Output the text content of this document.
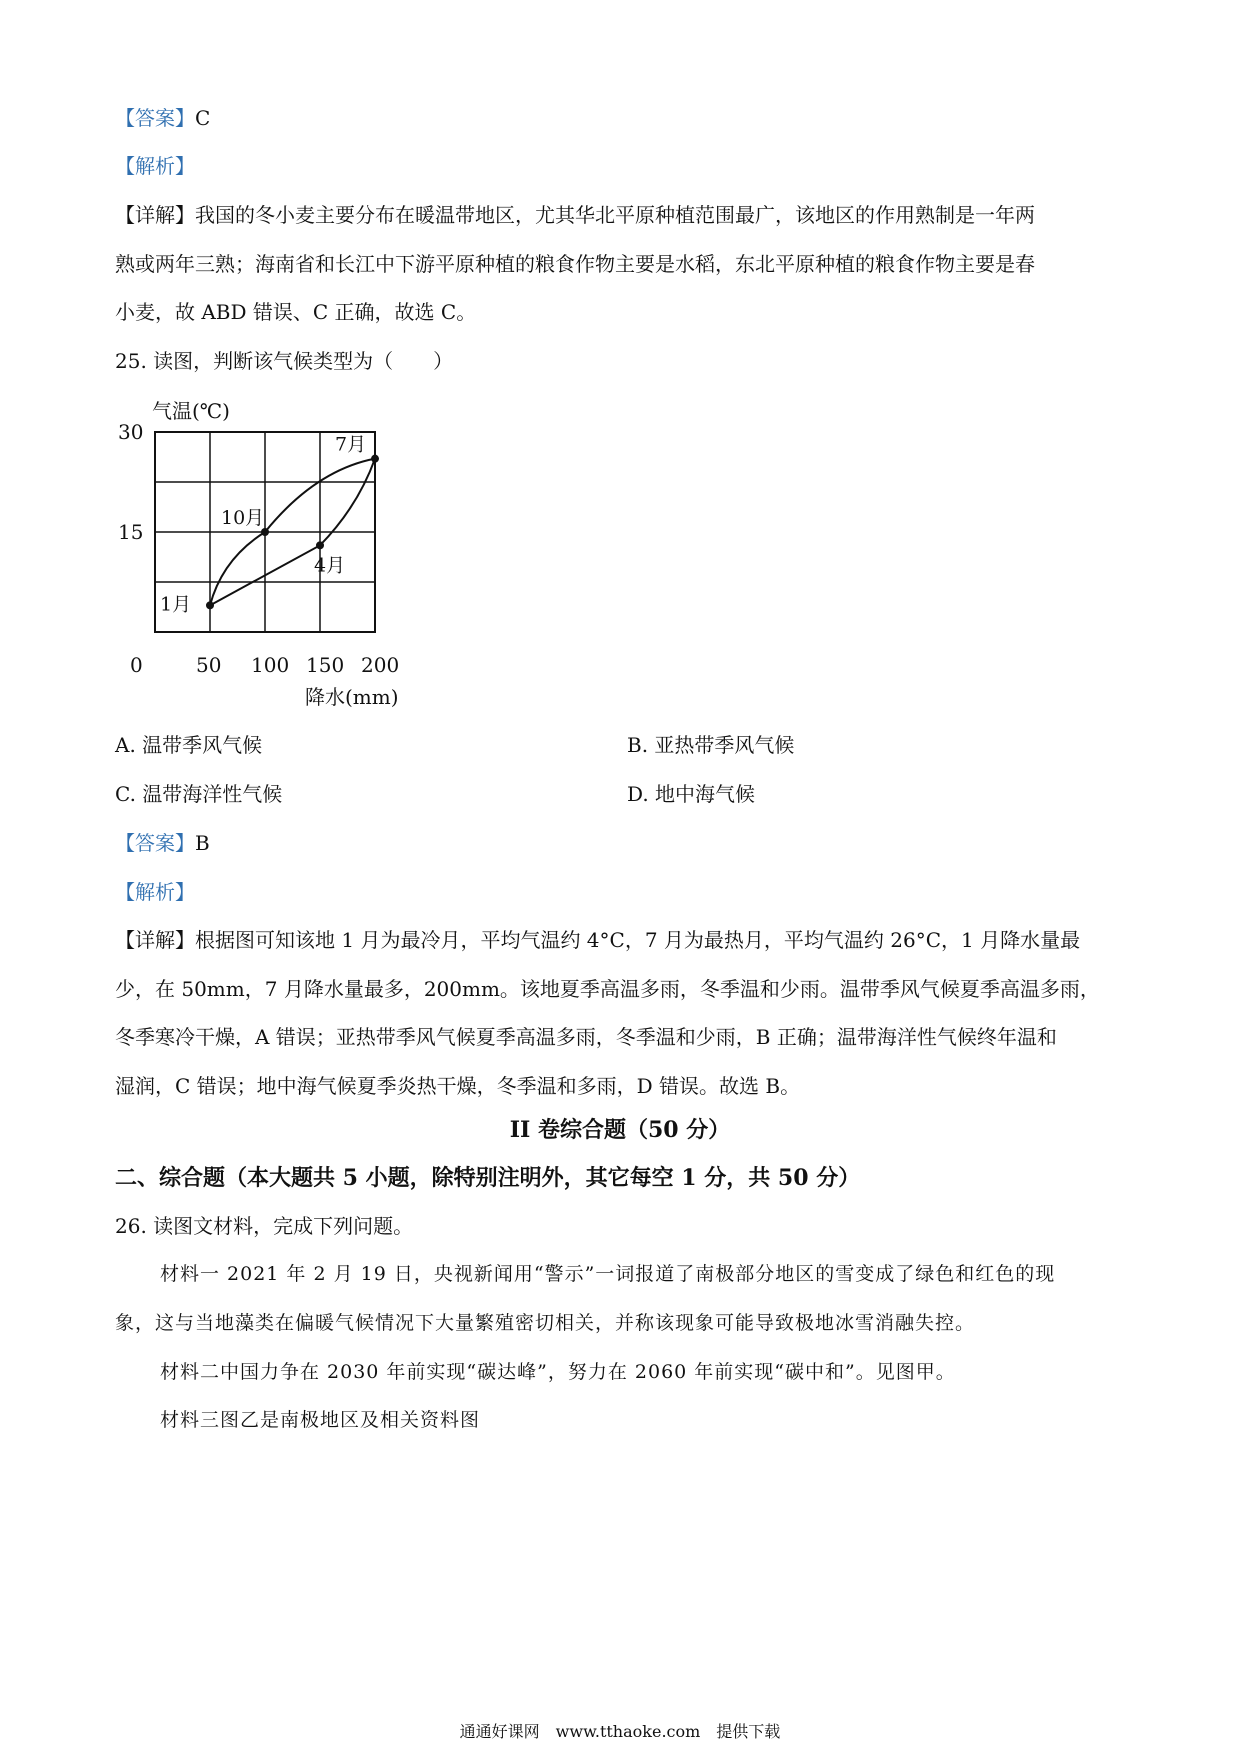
【答案】C
【解析】
【详解】我国的冬小麦主要分布在暖温带地区，尤其华北平原种植范围最广，该地区的作用熟制是一年两
熟或两年三熟；海南省和长江中下游平原种植的粮食作物主要是水稻，东北平原种植的粮食作物主要是春
小麦，故 ABD 错误、C 正确，故选 C。
25. 读图，判断该气候类型为（　　）
0	50 100 150 200
30
15
1月
4月
7月
10月
气温(℃)
降水(mm)
A. 温带季风气候	B. 亚热带季风气候
C. 温带海洋性气候	D. 地中海气候
【答案】B
【解析】
【详解】根据图可知该地 1 月为最冷月，平均气温约 4°C，7 月为最热月，平均气温约 26°C，1 月降水量最
少，在 50mm，7 月降水量最多，200mm。该地夏季高温多雨，冬季温和少雨。温带季风气候夏季高温多雨，
冬季寒冷干燥，A 错误；亚热带季风气候夏季高温多雨，冬季温和少雨，B 正确；温带海洋性气候终年温和
湿润，C 错误；地中海气候夏季炎热干燥，冬季温和多雨，D 错误。故选 B。
II 卷综合题（50 分）
二、综合题（本大题共 5 小题，除特别注明外，其它每空 1 分，共 50 分）
26. 读图文材料，完成下列问题。
材料一 2021 年 2 月 19 日，央视新闻用“警示”一词报道了南极部分地区的雪变成了绿色和红色的现
象，这与当地藻类在偏暖气候情况下大量繁殖密切相关，并称该现象可能导致极地冰雪消融失控。
材料二中国力争在 2030 年前实现“碳达峰”，努力在 2060 年前实现“碳中和”。见图甲。
材料三图乙是南极地区及相关资料图
通通好课网　www.tthaoke.com　提供下载
